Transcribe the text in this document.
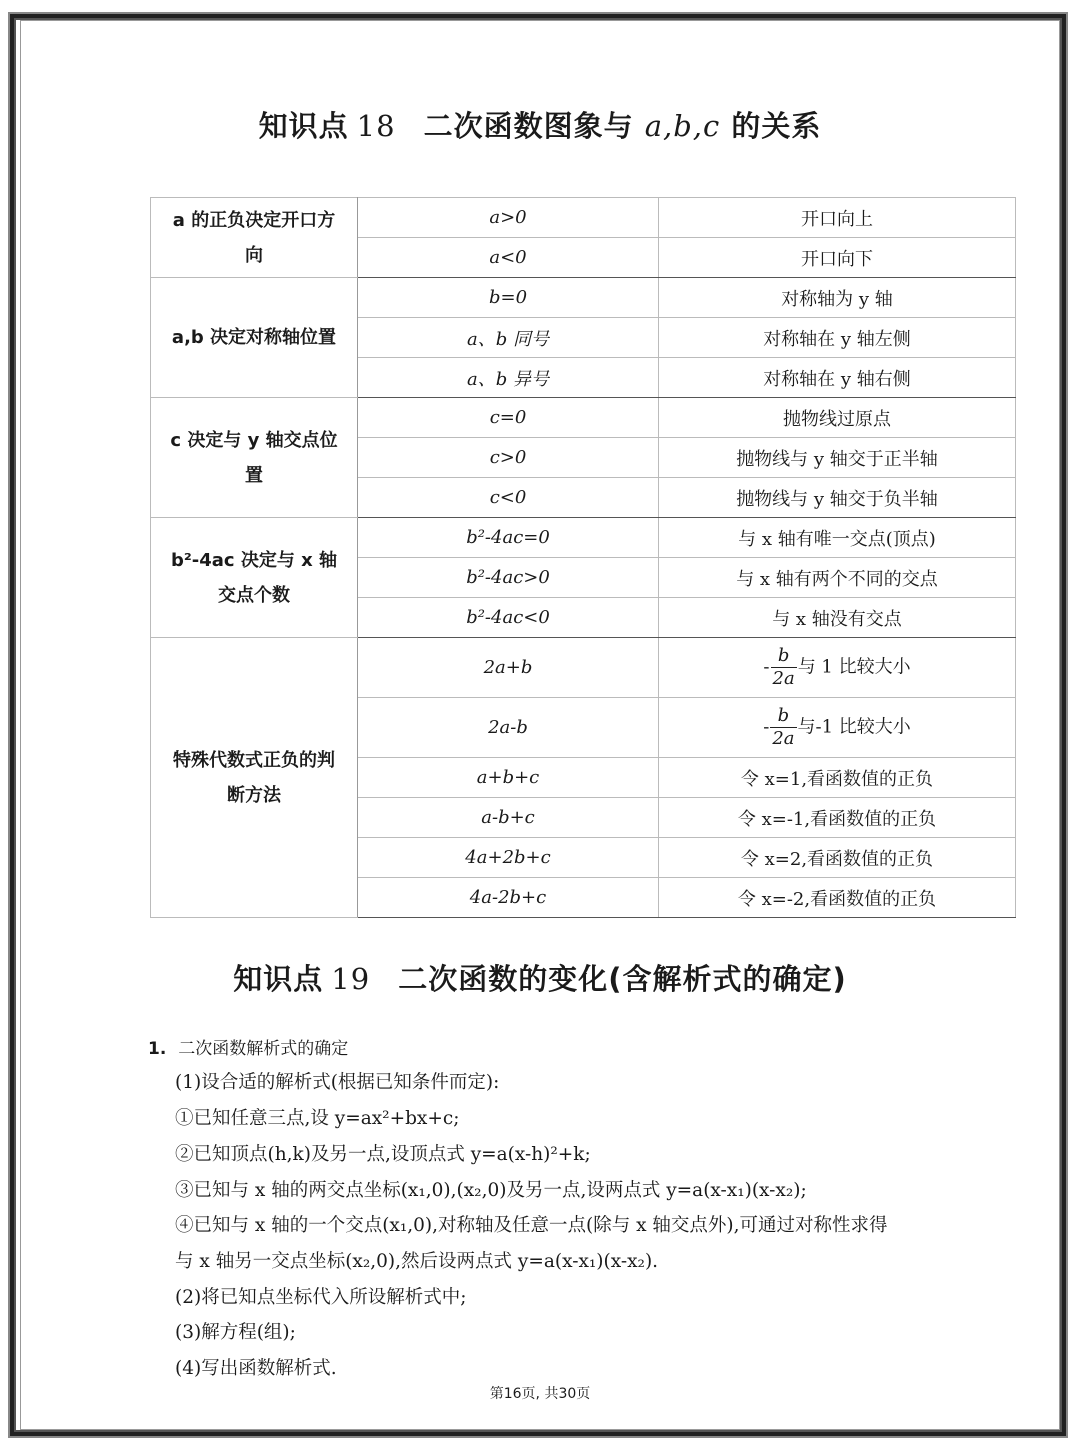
知识点 18 二次函数图象与 a,b,c 的关系
a 的正负决定开口方向	a>0	开口向上
	a<0	开口向下
a,b 决定对称轴位置	b=0	对称轴为 y 轴
	a、b 同号	对称轴在 y 轴左侧
	a、b 异号	对称轴在 y 轴右侧
c 决定与 y 轴交点位置	c=0	抛物线过原点
	c>0	抛物线与 y 轴交于正半轴
	c<0	抛物线与 y 轴交于负半轴
b²-4ac 决定与 x 轴交点个数	b²-4ac=0	与 x 轴有唯一交点(顶点)
	b²-4ac>0	与 x 轴有两个不同的交点
	b²-4ac<0	与 x 轴没有交点
特殊代数式正负的判断方法	2a+b	- $\frac{b}{2a}$ 与 1 比较大小
	2a-b	- $\frac{b}{2a}$ 与-1 比较大小
	a+b+c	令 x=1,看函数值的正负
	a-b+c	令 x=-1,看函数值的正负
	4a+2b+c	令 x=2,看函数值的正负
	4a-2b+c	令 x=-2,看函数值的正负
知识点 19 二次函数的变化(含解析式的确定)
1. 二次函数解析式的确定
(1)设合适的解析式(根据已知条件而定):
①已知任意三点,设 y=ax²+bx+c;
②已知顶点(h,k)及另一点,设顶点式 y=a(x-h)²+k;
③已知与 x 轴的两交点坐标(x₁,0),(x₂,0)及另一点,设两点式 y=a(x-x₁)(x-x₂);
④已知与 x 轴的一个交点(x₁,0),对称轴及任意一点(除与 x 轴交点外),可通过对称性求得
与 x 轴另一交点坐标(x₂,0),然后设两点式 y=a(x-x₁)(x-x₂).
(2)将已知点坐标代入所设解析式中;
(3)解方程(组);
(4)写出函数解析式.
第16页, 共30页
